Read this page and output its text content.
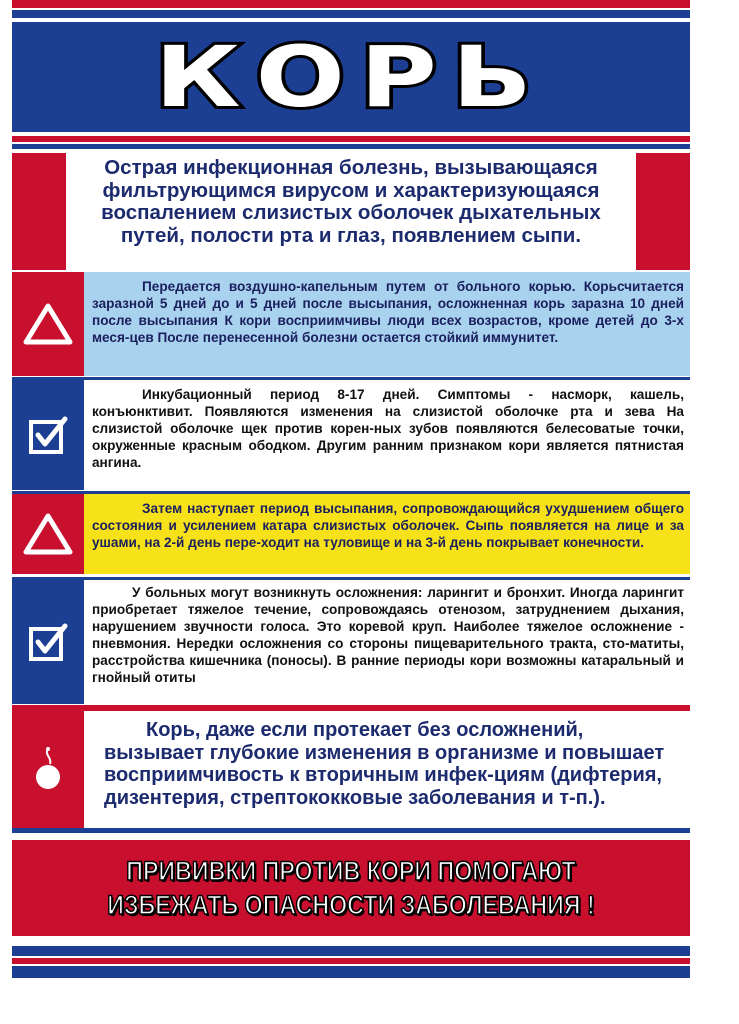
КОРЬ
Острая инфекционная болезнь, вызывающаяся фильтрующимся вирусом и характеризующаяся воспалением слизистых оболочек дыхательных путей, полости рта и глаз, появлением сыпи.
Передается воздушно-капельным путем от больного корью. Корьсчитается заразной 5 дней до и 5 дней после высыпания, осложненная корь заразна 10 дней после высыпания К кори восприимчивы люди всех возрастов, кроме детей до 3-х меся-цев После перенесенной болезни остается стойкий иммунитет.
Инкубационный период 8-17 дней. Симптомы - насморк, кашель, конъюнктивит. Появляются изменения на слизистой оболочке рта и зева На слизистой оболочке щек против корен-ных зубов появляются белесоватые точки, окруженные красным ободком. Другим ранним признаком кори является пятнистая ангина.
Затем наступает период высыпания, сопровождающийся ухудшением общего состояния и усилением катара слизистых оболочек. Сыпь появляется на лице и за ушами, на 2-й день пере-ходит на туловище и на 3-й день покрывает конечности.
У больных могут возникнуть осложнения: ларингит и бронхит. Иногда ларингит приобретает тяжелое течение, сопровождаясь отенозом, затруднением дыхания, нарушением звучности голоса. Это коревой круп. Наиболее тяжелое осложнение - пневмония. Нередки осложнения со стороны пищеварительного тракта, сто-матиты, расстройства кишечника (поносы). В ранние периоды кори возможны катаральный и гнойный отиты
Корь, даже если протекает без осложнений, вызывает глубокие изменения в организме и повышает восприимчивость к вторичным инфек-циям (дифтерия, дизентерия, стрептококковые заболевания и т-п.).
ПРИВИВКИ ПРОТИВ КОРИ ПОМОГАЮТ
ИЗБЕЖАТЬ ОПАСНОСТИ ЗАБОЛЕВАНИЯ !
